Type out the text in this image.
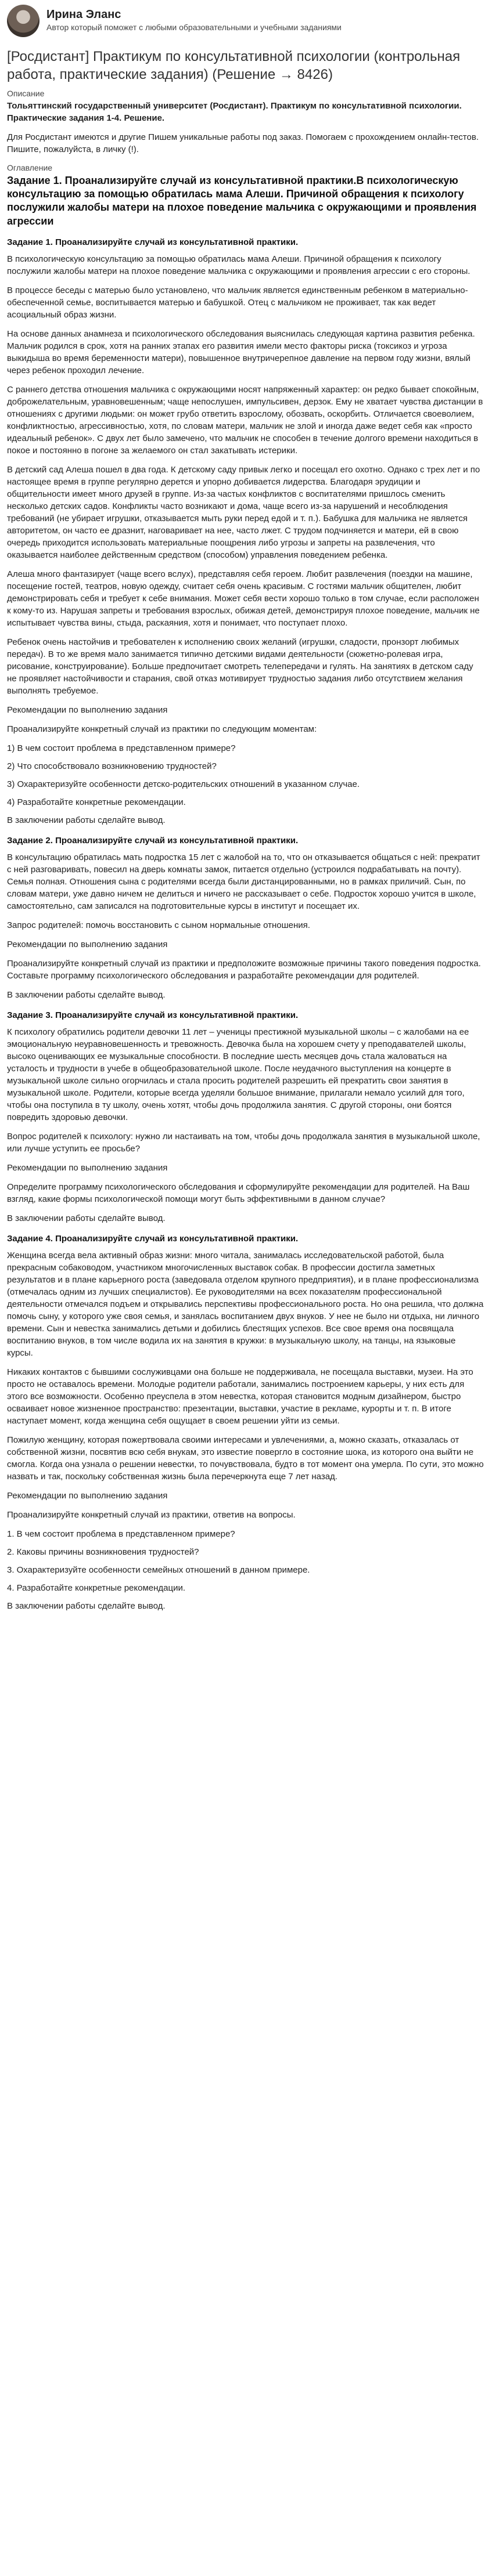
Ирина Эланс
Автор который поможет с любыми образовательными и учебными заданиями
[Росдистант] Практикум по консультативной психологии (контрольная работа, практические задания) (Решение → 8426)
Описание

Тольяттинский государственный университет (Росдистант). Практикум по консультативной психологии. Практические задания 1-4. Решение.

Для Росдистант имеются и другие Пишем уникальные работы под заказ. Помогаем с прохождением онлайн-тестов. Пишите, пожалуйста, в личку (!).

Оглавление
Задание 1. Проанализируйте случай из консультативной практики.В психологическую консультацию за помощью обратилась мама Алеши. Причиной обращения к психологу послужили жалобы матери на плохое поведение мальчика с окружающими и проявления агрессии
Задание 1. Проанализируйте случай из консультативной практики.

В психологическую консультацию за помощью обратилась мама Алеши. Причиной обращения к психологу послужили жалобы матери на плохое поведение мальчика с окружающими и проявления агрессии с его стороны.

В процессе беседы с матерью было установлено, что мальчик является единственным ребенком в материально-обеспеченной семье, воспитывается матерью и бабушкой. Отец с мальчиком не проживает, так как ведет асоциальный образ жизни.

На основе данных анамнеза и психологического обследования выяснилась следующая картина развития ребенка. Мальчик родился в срок, хотя на ранних этапах его развития имели место факторы риска (токсикоз и угроза выкидыша во время беременности матери), повышенное внутричерепное давление на первом году жизни, вялый через ребенок проходил лечение.

С раннего детства отношения мальчика с окружающими носят напряженный характер: он редко бывает спокойным, доброжелательным, уравновешенным; чаще непослушен, импульсивен, дерзок. Ему не хватает чувства дистанции в отношениях с другими людьми: он может грубо ответить взрослому, обозвать, оскорбить. Отличается своеволием, конфликтностью, агрессивностью, хотя, по словам матери, мальчик не злой и иногда даже ведет себя как «просто идеальный ребенок». С двух лет было замечено, что мальчик не способен в течение долгого времени находиться в покое и постоянно в погоне за желаемого он стал закатывать истерики.

В детский сад Алеша пошел в два года. К детскому саду привык легко и посещал его охотно. Однако с трех лет и по настоящее время в группе регулярно дерется и упорно добивается лидерства. Благодаря эрудиции и общительности имеет много друзей в группе. Из-за частых конфликтов с воспитателями пришлось сменить несколько детских садов. Конфликты часто возникают и дома, чаще всего из-за нарушений и несоблюдения требований (не убирает игрушки, отказывается мыть руки перед едой и т. п.). Бабушка для мальчика не является авторитетом, он часто ее дразнит, наговаривает на нее, часто лжет. С трудом подчиняется и матери, ей в свою очередь приходится использовать материальные поощрения либо угрозы и запреты на развлечения, что оказывается наиболее действенным средством (способом) управления поведением ребенка.

Алеша много фантазирует (чаще всего вслух), представляя себя героем. Любит развлечения (поездки на машине, посещение гостей, театров, новую одежду, считает себя очень красивым. С гостями мальчик общителен, любит демонстрировать себя и требует к себе внимания. Может себя вести хорошо только в том случае, если расположен к кому-то из. Нарушая запреты и требования взрослых, обижая детей, демонстрируя плохое поведение, мальчик не испытывает чувства вины, стыда, раскаяния, хотя и понимает, что поступает плохо.

Ребенок очень настойчив и требователен к исполнению своих желаний (игрушки, сладости, пронзорт любимых передач). В то же время мало занимается типично детскими видами деятельности (сюжетно-ролевая игра, рисование, конструирование). Больше предпочитает смотреть телепередачи и гулять. На занятиях в детском саду не проявляет настойчивости и старания, свой отказ мотивирует трудностью задания либо отсутствием желания выполнять требуемое.

Рекомендации по выполнению задания

Проанализируйте конкретный случай из практики по следующим моментам:

1) В чем состоит проблема в представленном примере?

2) Что способствовало возникновению трудностей?

3) Охарактеризуйте особенности детско-родительских отношений в указанном случае.

4) Разработайте конкретные рекомендации.

В заключении работы сделайте вывод.

Задание 2. Проанализируйте случай из консультативной практики.

В консультацию обратилась мать подростка 15 лет с жалобой на то, что он отказывается общаться с ней: прекратит с ней разговаривать, повесил на дверь комнаты замок, питается отдельно (устроился подрабатывать на почту). Семья полная. Отношения сына с родителями всегда были дистанцированными, но в рамках приличий. Сын, по словам матери, уже давно ничем не делиться и ничего не рассказывает о себе. Подросток хорошо учится в школе, самостоятельно, сам записался на подготовительные курсы в институт и посещает их.

Запрос родителей: помочь восстановить с сыном нормальные отношения.

Рекомендации по выполнению задания

Проанализируйте конкретный случай из практики и предположите возможные причины такого поведения подростка. Составьте программу психологического обследования и разработайте рекомендации для родителей.

В заключении работы сделайте вывод.

Задание 3. Проанализируйте случай из консультативной практики.

К психологу обратились родители девочки 11 лет – ученицы престижной музыкальной школы – с жалобами на ее эмоциональную неуравновешенность и тревожность. Девочка была на хорошем счету у преподавателей школы, высоко оценивающих ее музыкальные способности. В последние шесть месяцев дочь стала жаловаться на усталость и трудности в учебе в общеобразовательной школе. После неудачного выступления на концерте в музыкальной школе сильно огорчилась и стала просить родителей разрешить ей прекратить свои занятия в музыкальной школе. Родители, которые всегда уделяли большое внимание, прилагали немало усилий для того, чтобы она поступила в ту школу, очень хотят, чтобы дочь продолжила занятия. С другой стороны, они боятся повредить здоровью девочки.

Вопрос родителей к психологу: нужно ли настаивать на том, чтобы дочь продолжала занятия в музыкальной школе, или лучше уступить ее просьбе?

Рекомендации по выполнению задания

Определите программу психологического обследования и сформулируйте рекомендации для родителей. На Ваш взгляд, какие формы психологической помощи могут быть эффективными в данном случае?

В заключении работы сделайте вывод.

Задание 4. Проанализируйте случай из консультативной практики.

Женщина всегда вела активный образ жизни: много читала, занималась исследовательской работой, была прекрасным собаководом, участником многочисленных выставок собак. В профессии достигла заметных результатов и в плане карьерного роста (заведовала отделом крупного предприятия), и в плане профессионализма (отмечалась одним из лучших специалистов). Ее руководителями на всех показателям профессиональной деятельности отмечался подъем и открывались перспективы профессионального роста. Но она решила, что должна помочь сыну, у которого уже своя семья, и занялась воспитанием двух внуков. У нее не было ни отдыха, ни личного времени. Сын и невестка занимались детьми и добились блестящих успехов. Все свое время она посвящала воспитанию внуков, в том числе водила их на занятия в кружки: в музыкальную школу, на танцы, на языковые курсы.

Никаких контактов с бывшими сослуживцами она больше не поддерживала, не посещала выставки, музеи. На это просто не оставалось времени. Молодые родители работали, занимались построением карьеры, у них есть для этого все возможности. Особенно преуспела в этом невестка, которая становится модным дизайнером, быстро осваивает новое жизненное пространство: презентации, выставки, участие в рекламе, курорты и т. п. В итоге наступает момент, когда женщина себя ощущает в своем решении уйти из семьи.

Пожилую женщину, которая пожертвовала своими интересами и увлечениями, а, можно сказать, отказалась от собственной жизни, посвятив всю себя внукам, это известие повергло в состояние шока, из которого она выйти не смогла. Когда она узнала о решении невестки, то почувствовала, будто в тот момент она умерла. По сути, это можно назвать и так, поскольку собственная жизнь была перечеркнута еще 7 лет назад.

Рекомендации по выполнению задания

Проанализируйте конкретный случай из практики, ответив на вопросы.

1. В чем состоит проблема в представленном примере?

2. Каковы причины возникновения трудностей?

3. Охарактеризуйте особенности семейных отношений в данном примере.

4. Разработайте конкретные рекомендации.

В заключении работы сделайте вывод.
